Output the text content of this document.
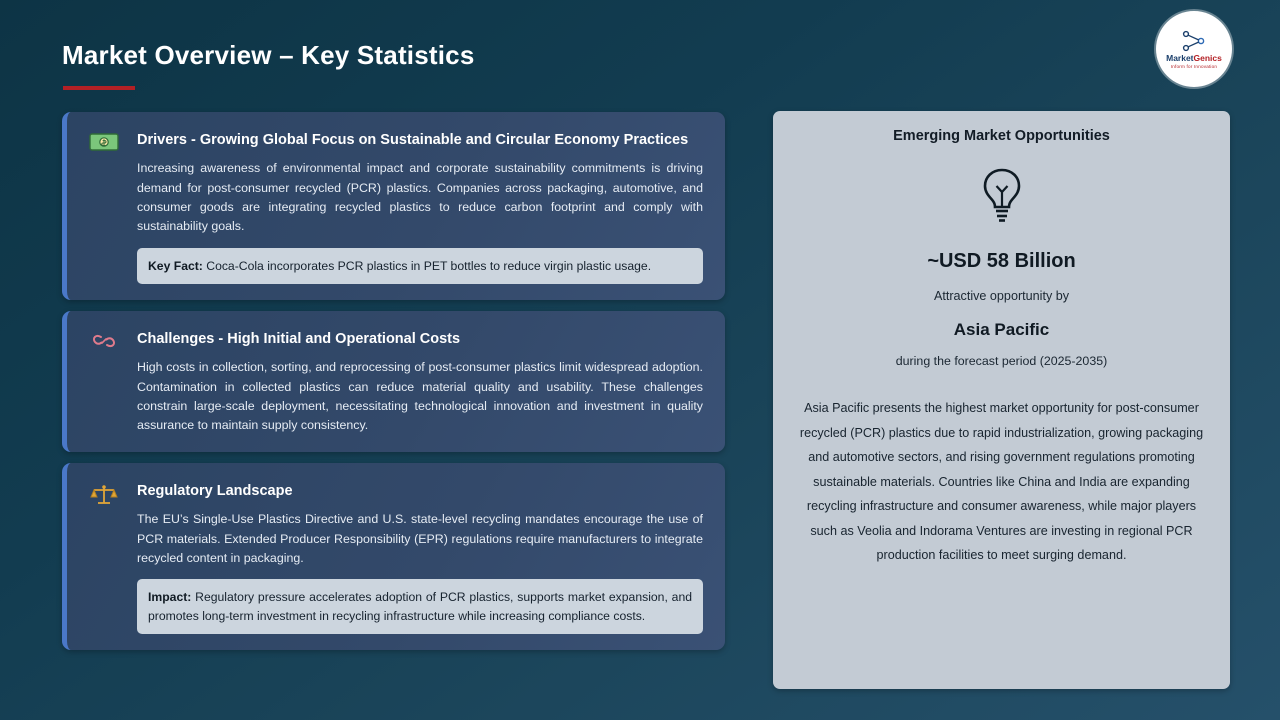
Market Overview – Key Statistics	MarketGenics
Inform for Innovation
Drivers - Growing Global Focus on Sustainable and Circular Economy Practices
Increasing awareness of environmental impact and corporate sustainability commitments is driving demand for post-consumer recycled (PCR) plastics. Companies across packaging, automotive, and consumer goods are integrating recycled plastics to reduce carbon footprint and comply with sustainability goals.
Key Fact: Coca-Cola incorporates PCR plastics in PET bottles to reduce virgin plastic usage.
Challenges - High Initial and Operational Costs
High costs in collection, sorting, and reprocessing of post-consumer plastics limit widespread adoption. Contamination in collected plastics can reduce material quality and usability. These challenges constrain large-scale deployment, necessitating technological innovation and investment in quality assurance to maintain supply consistency.
Regulatory Landscape
The EU’s Single-Use Plastics Directive and U.S. state-level recycling mandates encourage the use of PCR materials. Extended Producer Responsibility (EPR) regulations require manufacturers to integrate recycled content in packaging.
Impact: Regulatory pressure accelerates adoption of PCR plastics, supports market expansion, and promotes long-term investment in recycling infrastructure while increasing compliance costs.
Emerging Market Opportunities
~USD 58 Billion
Attractive opportunity by
Asia Pacific
during the forecast period (2025-2035)
Asia Pacific presents the highest market opportunity for post-consumer recycled (PCR) plastics due to rapid industrialization, growing packaging and automotive sectors, and rising government regulations promoting sustainable materials. Countries like China and India are expanding recycling infrastructure and consumer awareness, while major players such as Veolia and Indorama Ventures are investing in regional PCR production facilities to meet surging demand.
